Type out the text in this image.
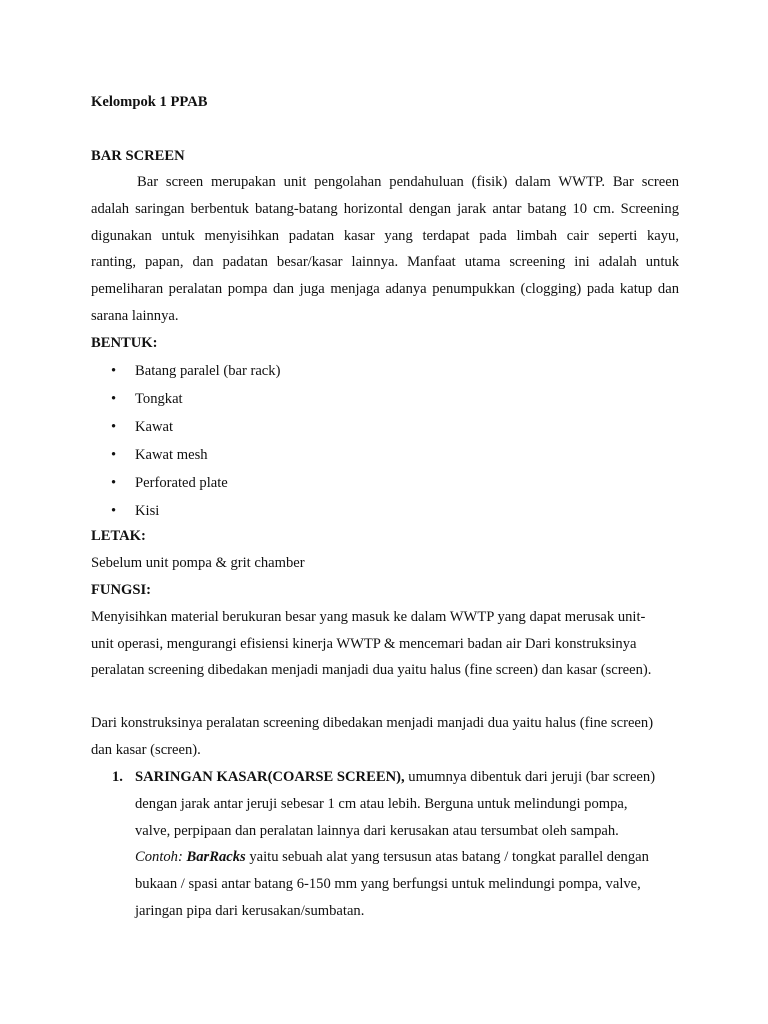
Kelompok 1 PPAB

BAR SCREEN

Bar screen merupakan unit pengolahan pendahuluan (fisik) dalam WWTP. Bar screen

adalah saringan berbentuk batang-batang horizontal dengan jarak antar batang 10 cm. Screening

digunakan untuk menyisihkan padatan kasar yang terdapat pada limbah cair seperti kayu,

ranting, papan, dan padatan besar/kasar lainnya. Manfaat utama screening ini adalah untuk

pemeliharan peralatan pompa dan juga menjaga adanya penumpukkan (clogging) pada katup dan

sarana lainnya.

BENTUK:

• Batang paralel (bar rack)
• Tongkat
• Kawat
• Kawat mesh
• Perforated plate
• Kisi

LETAK:

Sebelum unit pompa & grit chamber

FUNGSI:

Menyisihkan material berukuran besar yang masuk ke dalam WWTP yang dapat merusak unit-

unit operasi, mengurangi efisiensi kinerja WWTP & mencemari badan air Dari konstruksinya

peralatan screening dibedakan menjadi manjadi dua yaitu halus (fine screen) dan kasar (screen).

Dari konstruksinya peralatan screening dibedakan menjadi manjadi dua yaitu halus (fine screen)

dan kasar (screen).

1. SARINGAN KASAR(COARSE SCREEN), umumnya dibentuk dari jeruji (bar screen)

dengan jarak antar jeruji sebesar 1 cm atau lebih. Berguna untuk melindungi pompa,

valve, perpipaan dan peralatan lainnya dari kerusakan atau tersumbat oleh sampah.

Contoh: BarRacks yaitu sebuah alat yang tersusun atas batang / tongkat parallel dengan

bukaan / spasi antar batang 6-150 mm yang berfungsi untuk melindungi pompa, valve,

jaringan pipa dari kerusakan/sumbatan.
